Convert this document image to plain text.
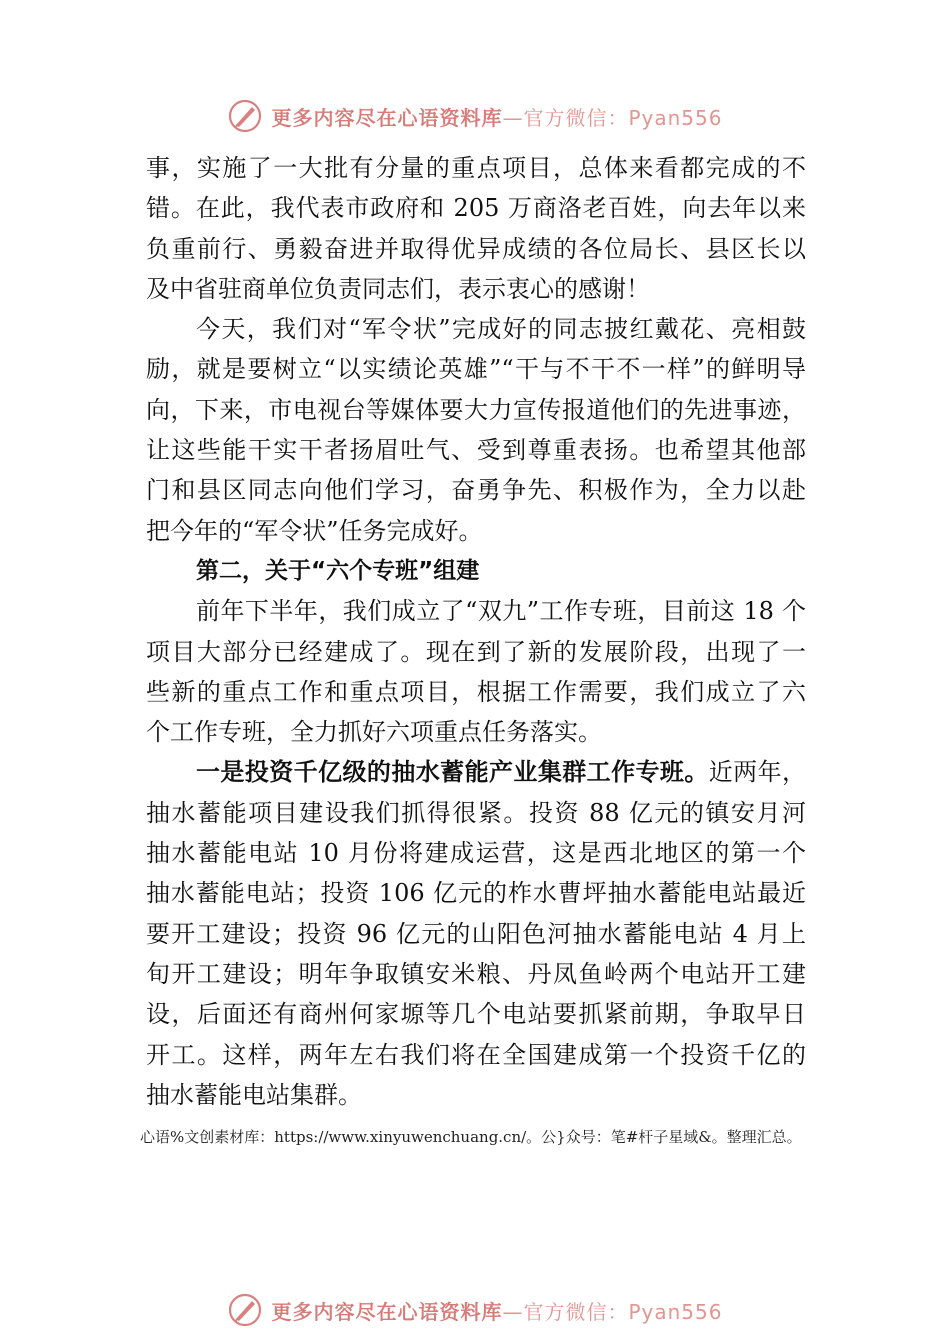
更多内容尽在心语资料库—官方微信：Pyan556
事，实施了一大批有分量的重点项目，总体来看都完成的不
错。在此，我代表市政府和 205 万商洛老百姓，向去年以来
负重前行、勇毅奋进并取得优异成绩的各位局长、县区长以
及中省驻商单位负责同志们，表示衷心的感谢！
今天，我们对“军令状”完成好的同志披红戴花、亮相鼓
励，就是要树立“以实绩论英雄”“干与不干不一样”的鲜明导
向，下来，市电视台等媒体要大力宣传报道他们的先进事迹，
让这些能干实干者扬眉吐气、受到尊重表扬。也希望其他部
门和县区同志向他们学习，奋勇争先、积极作为，全力以赴
把今年的“军令状”任务完成好。
第二，关于“六个专班”组建
前年下半年，我们成立了“双九”工作专班，目前这 18 个
项目大部分已经建成了。现在到了新的发展阶段，出现了一
些新的重点工作和重点项目，根据工作需要，我们成立了六
个工作专班，全力抓好六项重点任务落实。
一是投资千亿级的抽水蓄能产业集群工作专班。近两年，
抽水蓄能项目建设我们抓得很紧。投资 88 亿元的镇安月河
抽水蓄能电站 10 月份将建成运营，这是西北地区的第一个
抽水蓄能电站；投资 106 亿元的柞水曹坪抽水蓄能电站最近
要开工建设；投资 96 亿元的山阳色河抽水蓄能电站 4 月上
旬开工建设；明年争取镇安米粮、丹凤鱼岭两个电站开工建
设，后面还有商州何家塬等几个电站要抓紧前期，争取早日
开工。这样，两年左右我们将在全国建成第一个投资千亿的
抽水蓄能电站集群。
心语%文创素材库：https://www.xinyuwenchuang.cn/。公}众号：笔#杆子星域&。整理汇总。
更多内容尽在心语资料库—官方微信：Pyan556
